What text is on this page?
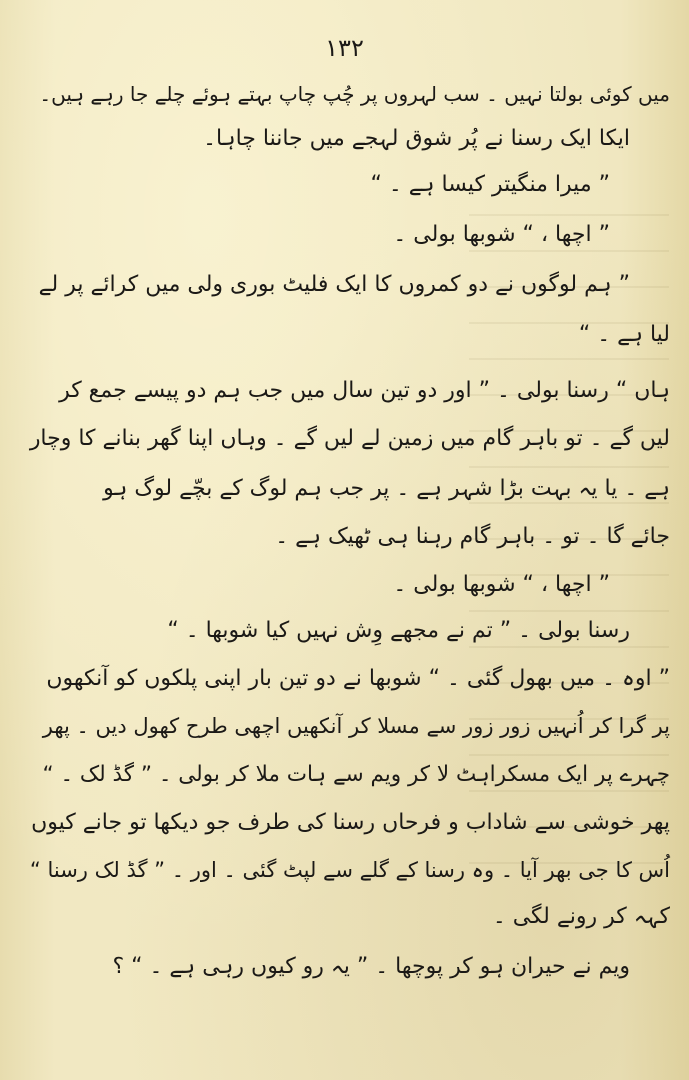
۱۳۲
میں کوئی بولتا نہیں ۔ سب لہروں پر چُپ چاپ بہتے ہوئے چلے جا رہے ہیں۔
ایکا ایک رسنا نے پُر شوق لہجے میں جاننا چاہا۔
” میرا منگیتر کیسا ہے ۔ “
” اچھا ، “ شوبھا بولی ۔
” ہم لوگوں نے دو کمروں کا ایک فلیٹ بوری ولی میں کرائے پر لے
لیا ہے ۔ “
ہاں “ رسنا بولی ۔ ” اور دو تین سال میں جب ہم دو پیسے جمع کر
لیں گے ۔ تو باہر گام میں زمین لے لیں گے ۔ وہاں اپنا گھر بنانے کا وچار
ہے ۔ یا یہ بہت بڑا شہر ہے ۔ پر جب ہم لوگ کے بچّے لوگ ہو
جائے گا ۔ تو ۔ باہر گام رہنا ہی ٹھیک ہے ۔
” اچھا ، “ شوبھا بولی ۔
رسنا بولی ۔ ” تم نے مجھے وِش نہیں کیا شوبھا ۔ “
” اوہ ۔ میں بھول گئی ۔ “ شوبھا نے دو تین بار اپنی پلکوں کو آنکھوں
پر گرا کر اُنہیں زور زور سے مسلا کر آنکھیں اچھی طرح کھول دیں ۔ پھر
چہرے پر ایک مسکراہٹ لا کر ویم سے ہات ملا کر بولی ۔ ” گڈ لک ۔ “
پھر خوشی سے شاداب و فرحاں رسنا کی طرف جو دیکھا تو جانے کیوں
اُس کا جی بھر آیا ۔ وہ رسنا کے گلے سے لپٹ گئی ۔ اور ۔ ” گڈ لک رسنا “
کہہ کر رونے لگی ۔
ویم نے حیران ہو کر پوچھا ۔ ” یہ رو کیوں رہی ہے ۔ “ ؟
